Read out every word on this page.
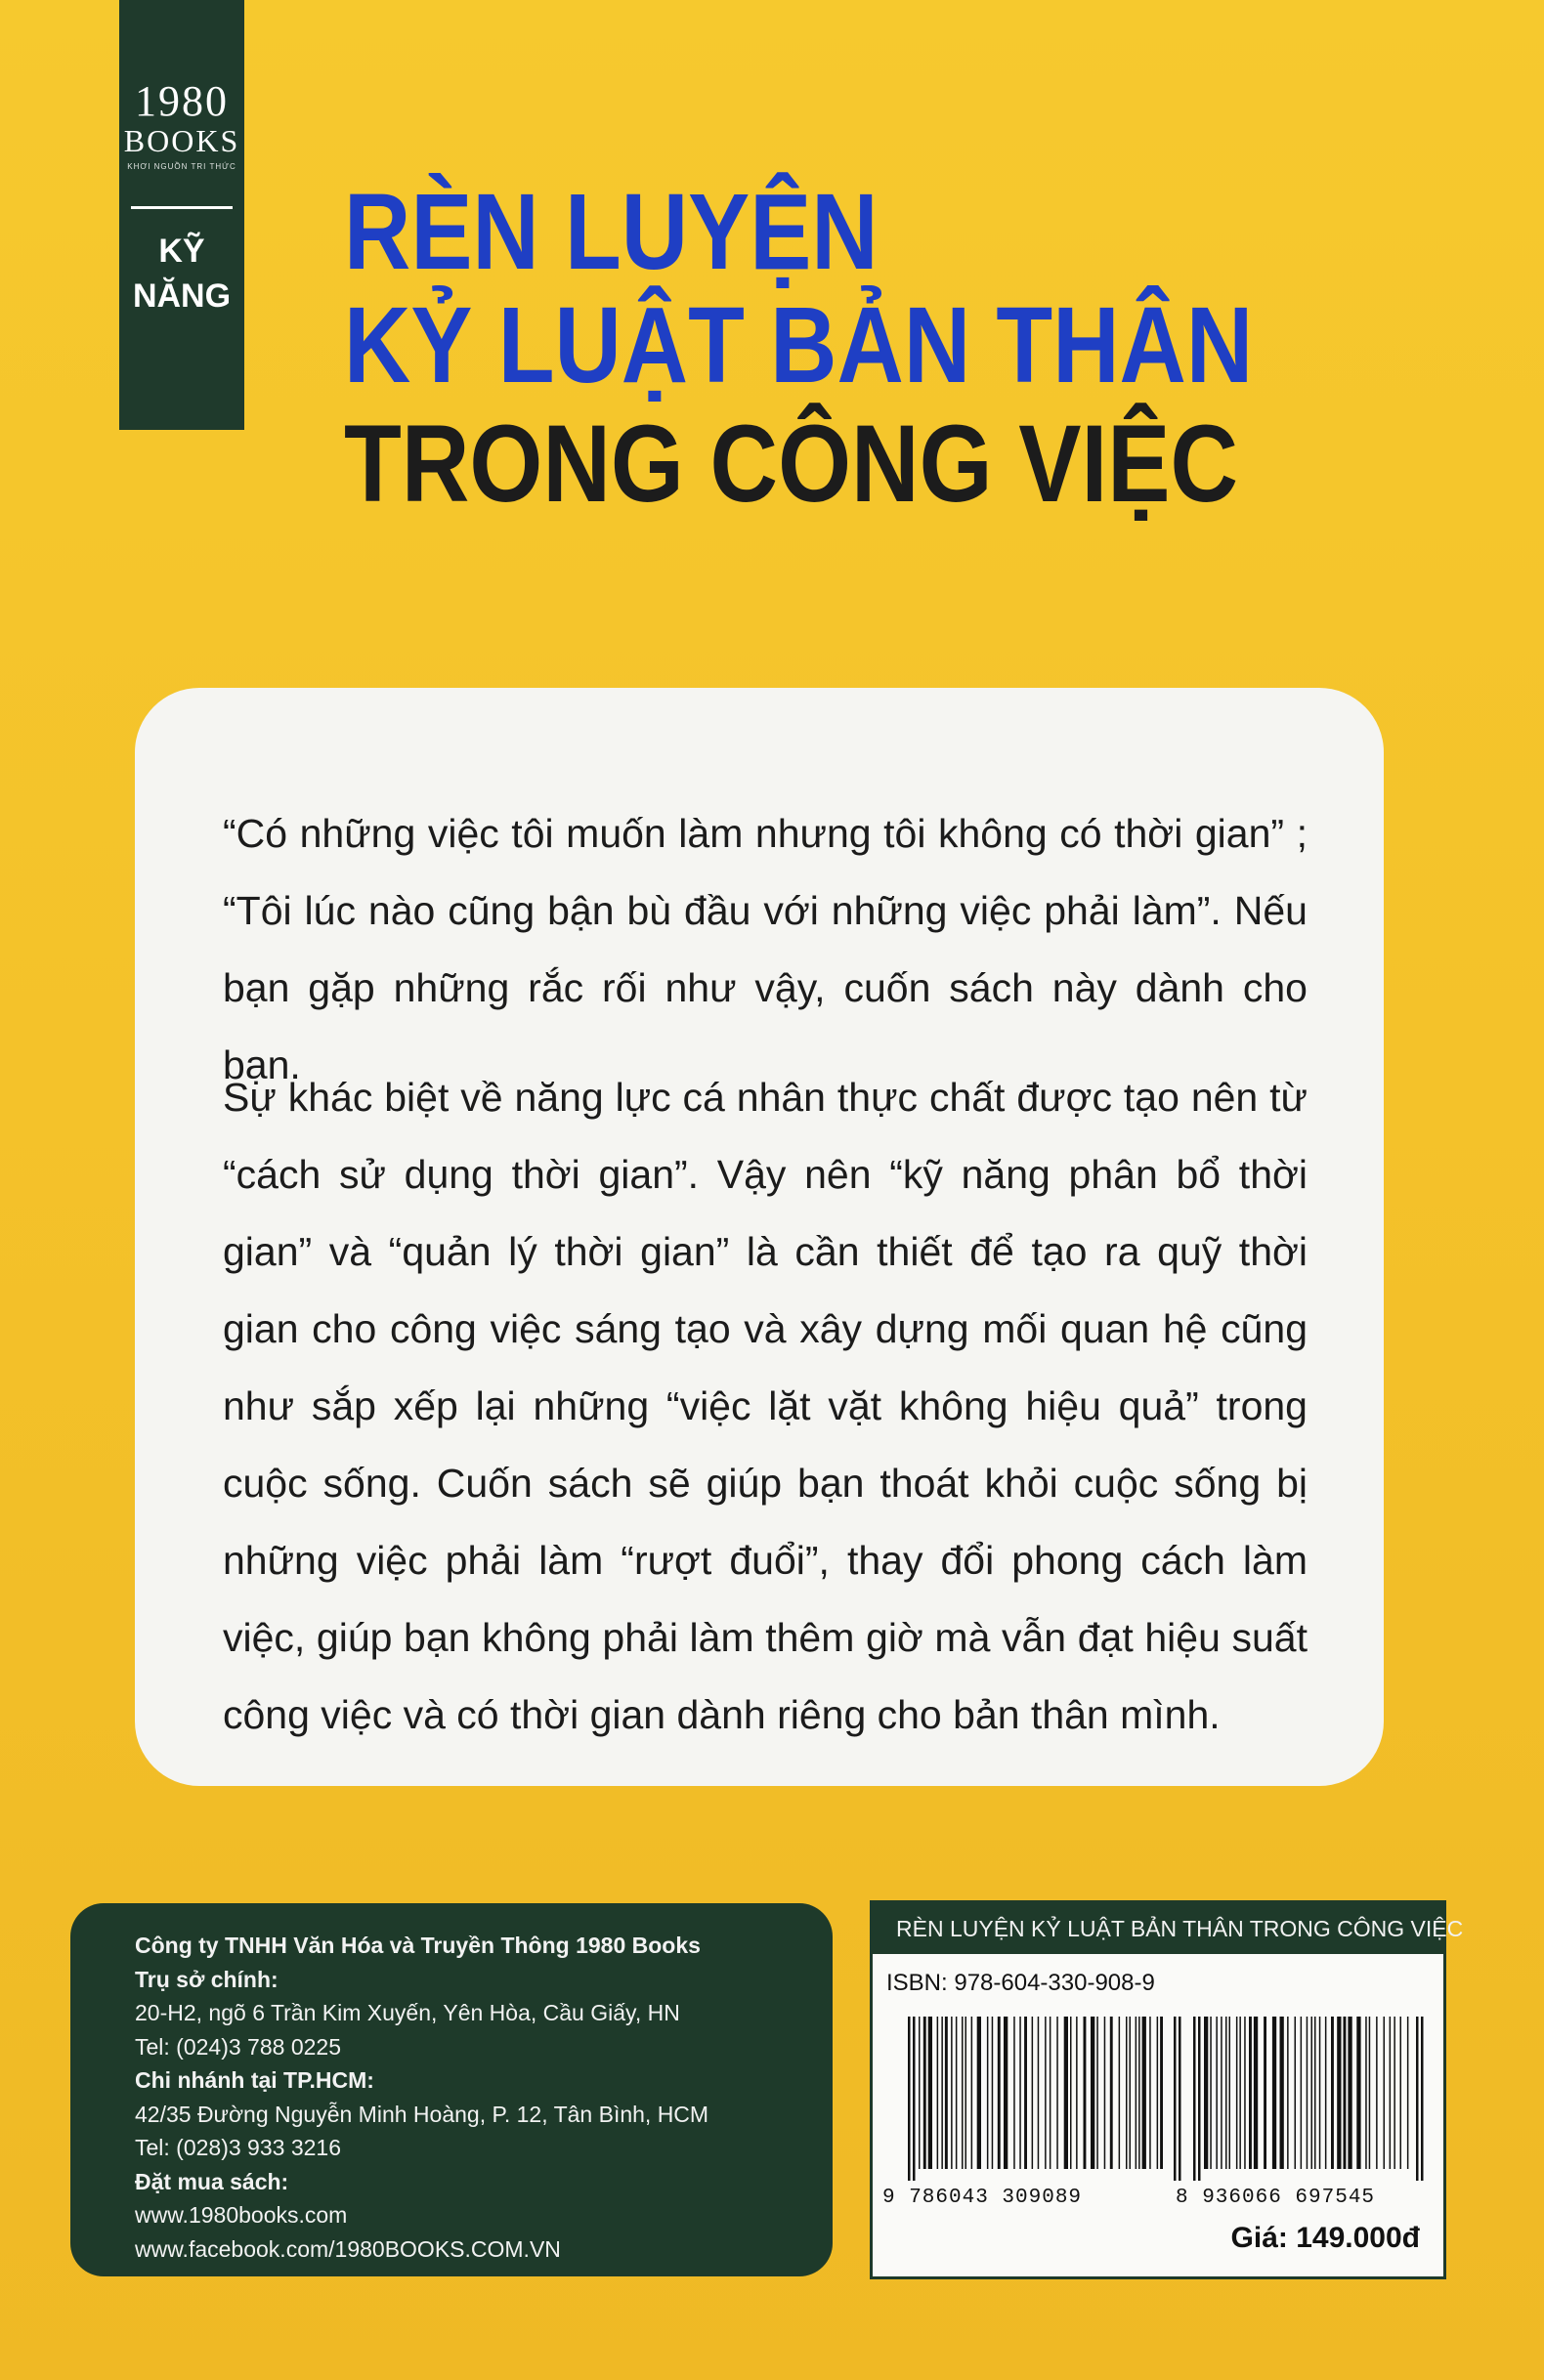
1980
BOOKS
KHƠI NGUỒN TRI THỨC
KỸ
NĂNG
RÈN LUYỆN
KỶ LUẬT BẢN THÂN
TRONG CÔNG VIỆC

“Có những việc tôi muốn làm nhưng tôi không có thời gian” ; “Tôi lúc nào cũng bận bù đầu với những việc phải làm”. Nếu bạn gặp những rắc rối như vậy, cuốn sách này dành cho bạn.

Sự khác biệt về năng lực cá nhân thực chất được tạo nên từ “cách sử dụng thời gian”. Vậy nên “kỹ năng phân bổ thời gian” và “quản lý thời gian” là cần thiết để tạo ra quỹ thời gian cho công việc sáng tạo và xây dựng mối quan hệ cũng như sắp xếp lại những “việc lặt vặt không hiệu quả” trong cuộc sống. Cuốn sách sẽ giúp bạn thoát khỏi cuộc sống bị những việc phải làm “rượt đuổi”, thay đổi phong cách làm việc, giúp bạn không phải làm thêm giờ mà vẫn đạt hiệu suất công việc và có thời gian dành riêng cho bản thân mình.

Công ty TNHH Văn Hóa và Truyền Thông 1980 Books
Trụ sở chính:
20-H2, ngõ 6 Trần Kim Xuyến, Yên Hòa, Cầu Giấy, HN
Tel: (024)3 788 0225
Chi nhánh tại TP.HCM:
42/35 Đường Nguyễn Minh Hoàng, P. 12, Tân Bình, HCM
Tel: (028)3 933 3216
Đặt mua sách:
www.1980books.com
www.facebook.com/1980BOOKS.COM.VN
RÈN LUYỆN KỶ LUẬT BẢN THÂN TRONG CÔNG VIỆC
ISBN: 978-604-330-908-9
9 786043 309089	8 936066 697545
Giá: 149.000đ
